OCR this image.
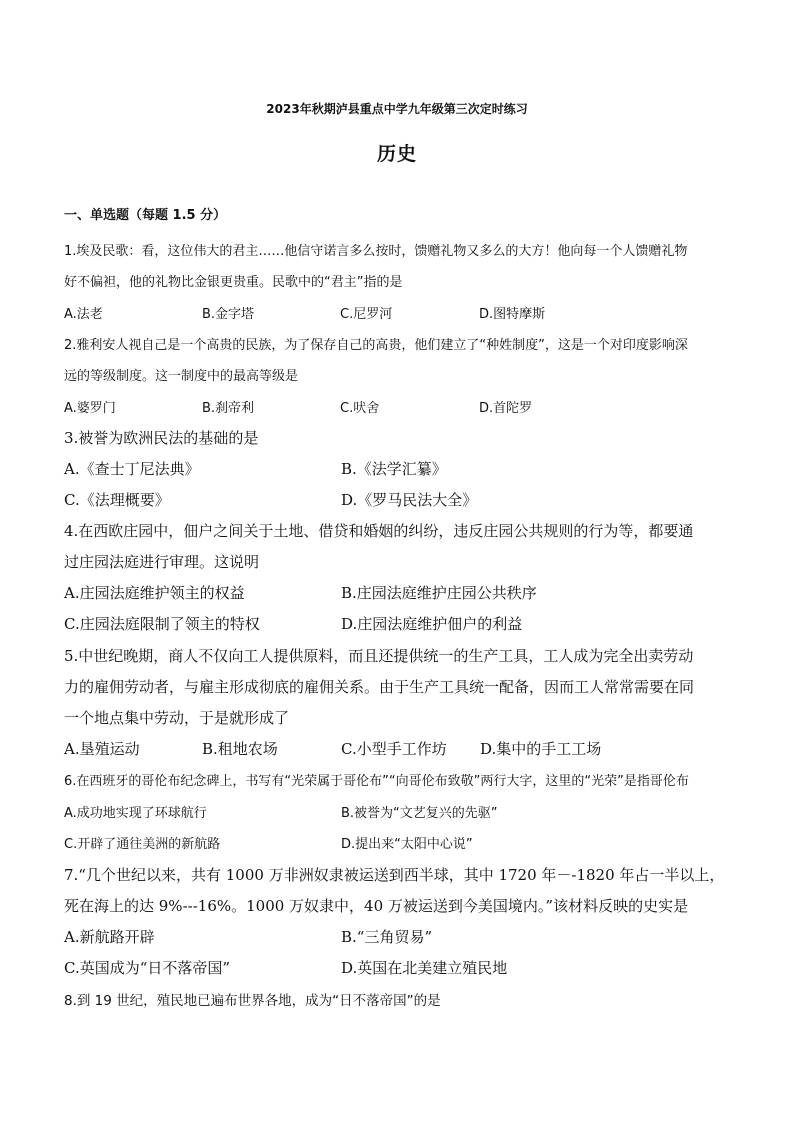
2023年秋期泸县重点中学九年级第三次定时练习
历史
一、单选题（每题 1.5 分）
1.埃及民歌：看，这位伟大的君主……他信守诺言多么按时，馈赠礼物又多么的大方！他向每一个人馈赠礼物
好不偏袒，他的礼物比金银更贵重。民歌中的“君主”指的是
A.法老	B.金字塔	C.尼罗河	D.图特摩斯
2.雅利安人视自己是一个高贵的民族，为了保存自己的高贵，他们建立了“种姓制度”，这是一个对印度影响深
远的等级制度。这一制度中的最高等级是
A.婆罗门	B.刹帝利	C.吠舍	D.首陀罗
3.被誉为欧洲民法的基础的是
A.《查士丁尼法典》	B.《法学汇纂》
C.《法理概要》	D.《罗马民法大全》
4.在西欧庄园中，佃户之间关于土地、借贷和婚姻的纠纷，违反庄园公共规则的行为等，都要通
过庄园法庭进行审理。这说明
A.庄园法庭维护领主的权益	B.庄园法庭维护庄园公共秩序
C.庄园法庭限制了领主的特权	D.庄园法庭维护佃户的利益
5.中世纪晚期，商人不仅向工人提供原料，而且还提供统一的生产工具，工人成为完全出卖劳动
力的雇佣劳动者，与雇主形成彻底的雇佣关系。由于生产工具统一配备，因而工人常常需要在同
一个地点集中劳动，于是就形成了
A.垦殖运动	B.租地农场	C.小型手工作坊 D.集中的手工工场
6.在西班牙的哥伦布纪念碑上，书写有“光荣属于哥伦布”“向哥伦布致敬”两行大字，这里的“光荣”是指哥伦布
A.成功地实现了环球航行	B.被誉为“文艺复兴的先驱”
C.开辟了通往美洲的新航路	D.提出来“太阳中心说”
7.“几个世纪以来，共有 1000 万非洲奴隶被运送到西半球，其中 1720 年－-1820 年占一半以上，
死在海上的达 9%---16%。1000 万奴隶中，40 万被运送到今美国境内。”该材料反映的史实是
A.新航路开辟	B.“三角贸易”
C.英国成为“日不落帝国”	D.英国在北美建立殖民地
8.到 19 世纪，殖民地已遍布世界各地，成为“日不落帝国”的是
